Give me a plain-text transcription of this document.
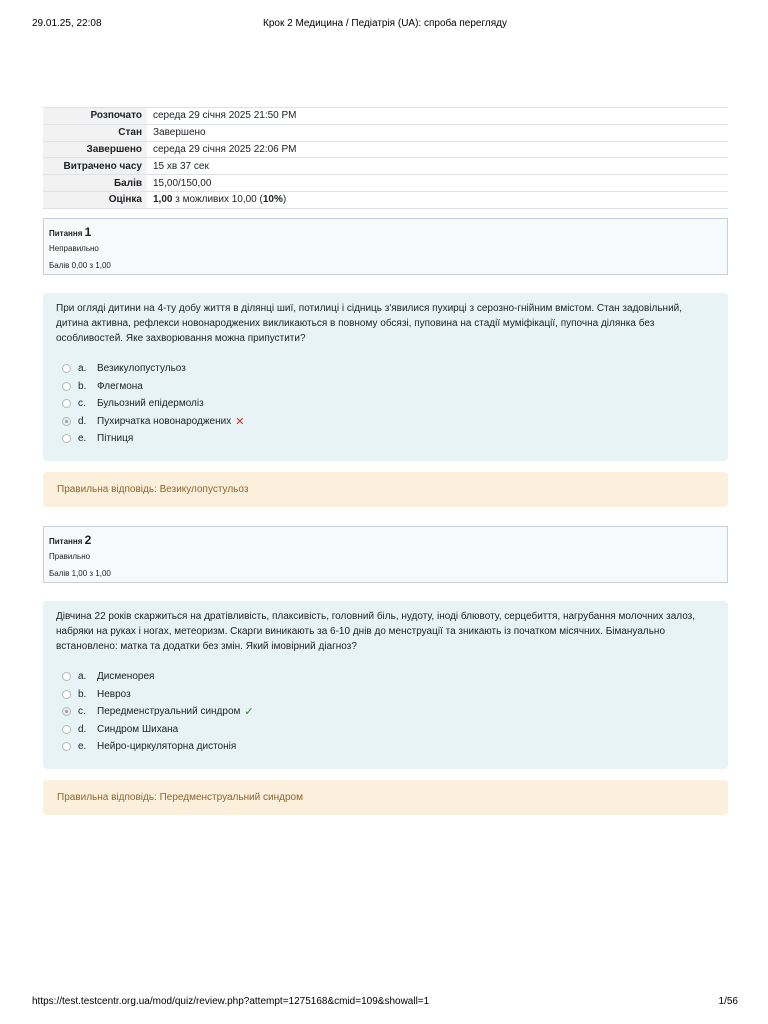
29.01.25, 22:08	Крок 2 Медицина / Педіатрія (UA): спроба перегляду
Розпочато	середа 29 січня 2025 21:50 PM
Стан	Завершено
Завершено	середа 29 січня 2025 22:06 PM
Витрачено часу	15 хв 37 сек
Балів	15,00/150,00
Оцінка	1,00 з можливих 10,00 (10%)
Питання 1
Неправильно
Балів 0,00 з 1,00
При огляді дитини на 4-ту добу життя в ділянці шиї, потилиці і сідниць з'явилися пухирці з серозно-гнійним вмістом. Стан задовільний, дитина активна, рефлекси новонароджених викликаються в повному обсязі, пуповина на стадії муміфікації, пупочна ділянка без особливостей. Яке захворювання можна припустити?
a.	Везикулопустульоз
b.	Флегмона
c.	Бульозний епідермоліз
d.	Пухирчатка новонароджених ✕
e.	Пітниця
Правильна відповідь: Везикулопустульоз
Питання 2
Правильно
Балів 1,00 з 1,00
Дівчина 22 років скаржиться на дратівливість, плаксивість, головний біль, нудоту, іноді блювоту, серцебиття, нагрубання молочних залоз, набряки на руках і ногах, метеоризм. Скарги виникають за 6-10 днів до менструації та зникають із початком місячних. Бімануально встановлено: матка та додатки без змін. Який імовірний діагноз?
a.	Дисменорея
b.	Невроз
c.	Передменструальний синдром ✓
d.	Синдром Шихана
e.	Нейро-циркуляторна дистонія
Правильна відповідь: Передменструальний синдром
https://test.testcentr.org.ua/mod/quiz/review.php?attempt=1275168&cmid=109&showall=1	1/56
